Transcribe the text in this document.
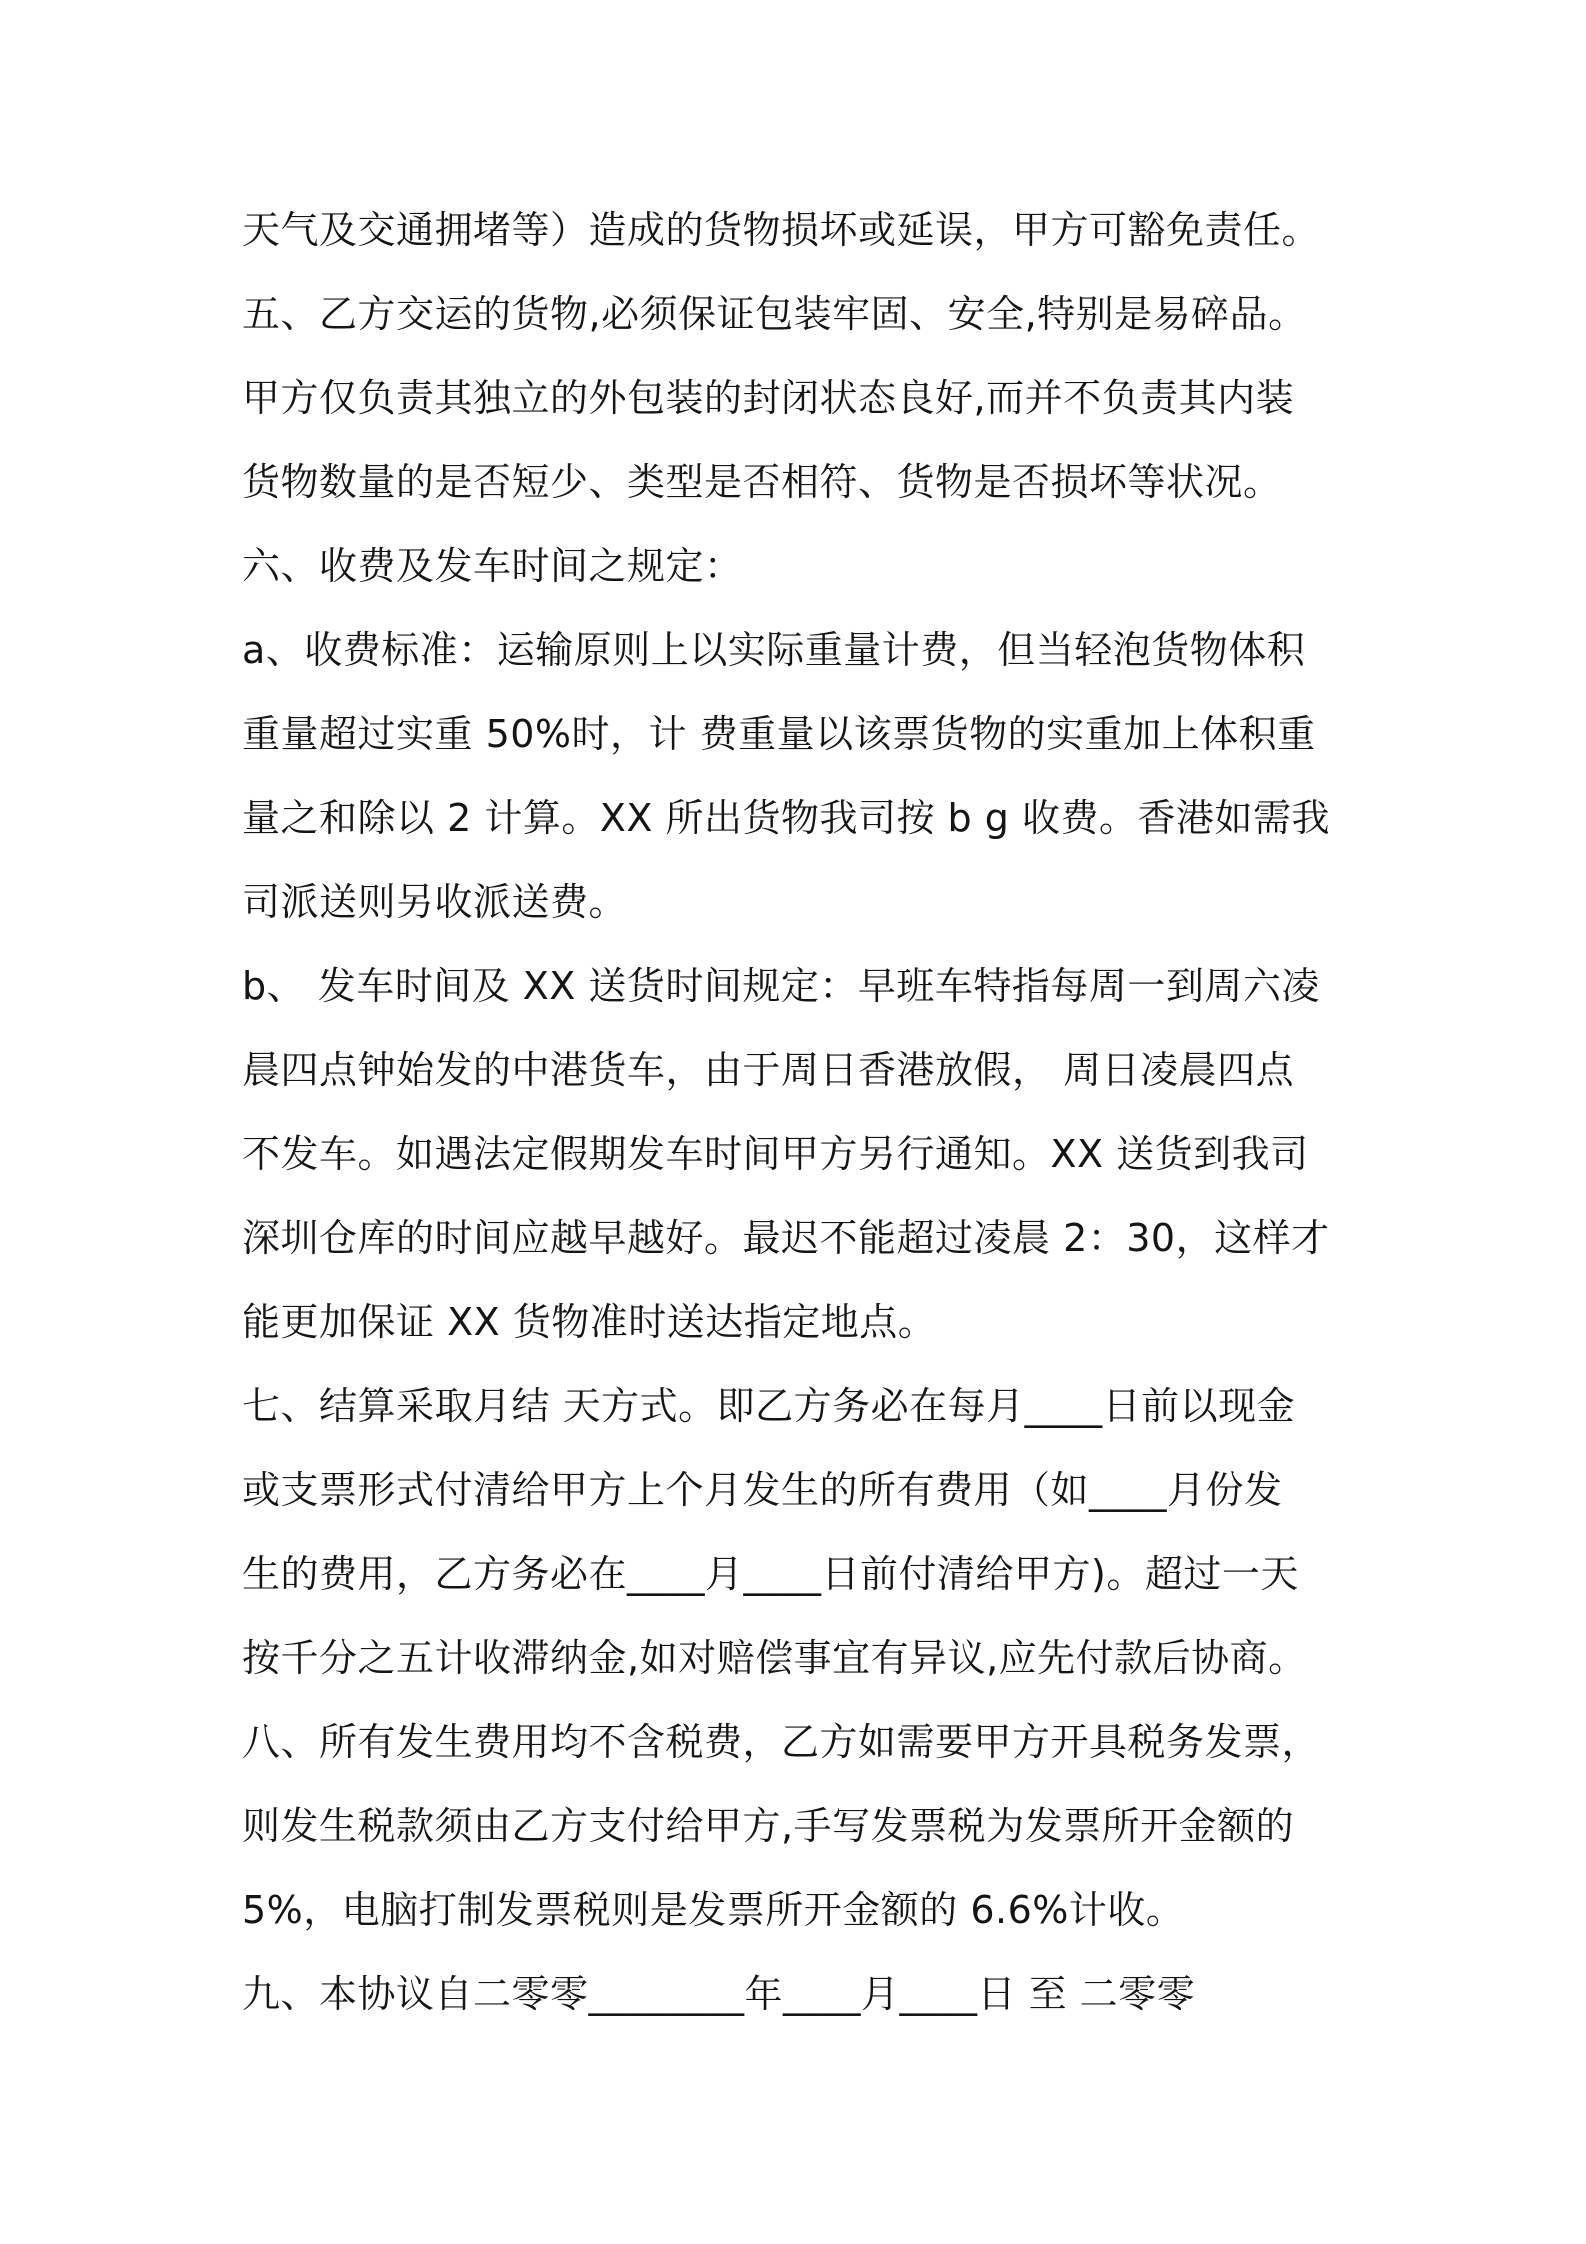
天气及交通拥堵等）造成的货物损坏或延误，甲方可豁免责任。
五、乙方交运的货物,必须保证包装牢固、安全,特别是易碎品。
甲方仅负责其独立的外包装的封闭状态良好,而并不负责其内装
货物数量的是否短少、类型是否相符、货物是否损坏等状况。
六、收费及发车时间之规定：
a、收费标准：运输原则上以实际重量计费，但当轻泡货物体积
重量超过实重 50%时，计 费重量以该票货物的实重加上体积重
量之和除以 2 计算。XX 所出货物我司按 b g 收费。香港如需我
司派送则另收派送费。
b、 发车时间及 XX 送货时间规定：早班车特指每周一到周六凌
晨四点钟始发的中港货车，由于周日香港放假， 周日凌晨四点
不发车。如遇法定假期发车时间甲方另行通知。XX 送货到我司
深圳仓库的时间应越早越好。最迟不能超过凌晨 2：30，这样才
能更加保证 XX 货物准时送达指定地点。
七、结算采取月结 天方式。即乙方务必在每月____日前以现金
或支票形式付清给甲方上个月发生的所有费用（如____月份发
生的费用，乙方务必在____月____日前付清给甲方)。超过一天
按千分之五计收滞纳金,如对赔偿事宜有异议,应先付款后协商。
八、所有发生费用均不含税费，乙方如需要甲方开具税务发票，
则发生税款须由乙方支付给甲方,手写发票税为发票所开金额的
5%，电脑打制发票税则是发票所开金额的 6.6%计收。
九、本协议自二零零________年____月____日 至 二零零
